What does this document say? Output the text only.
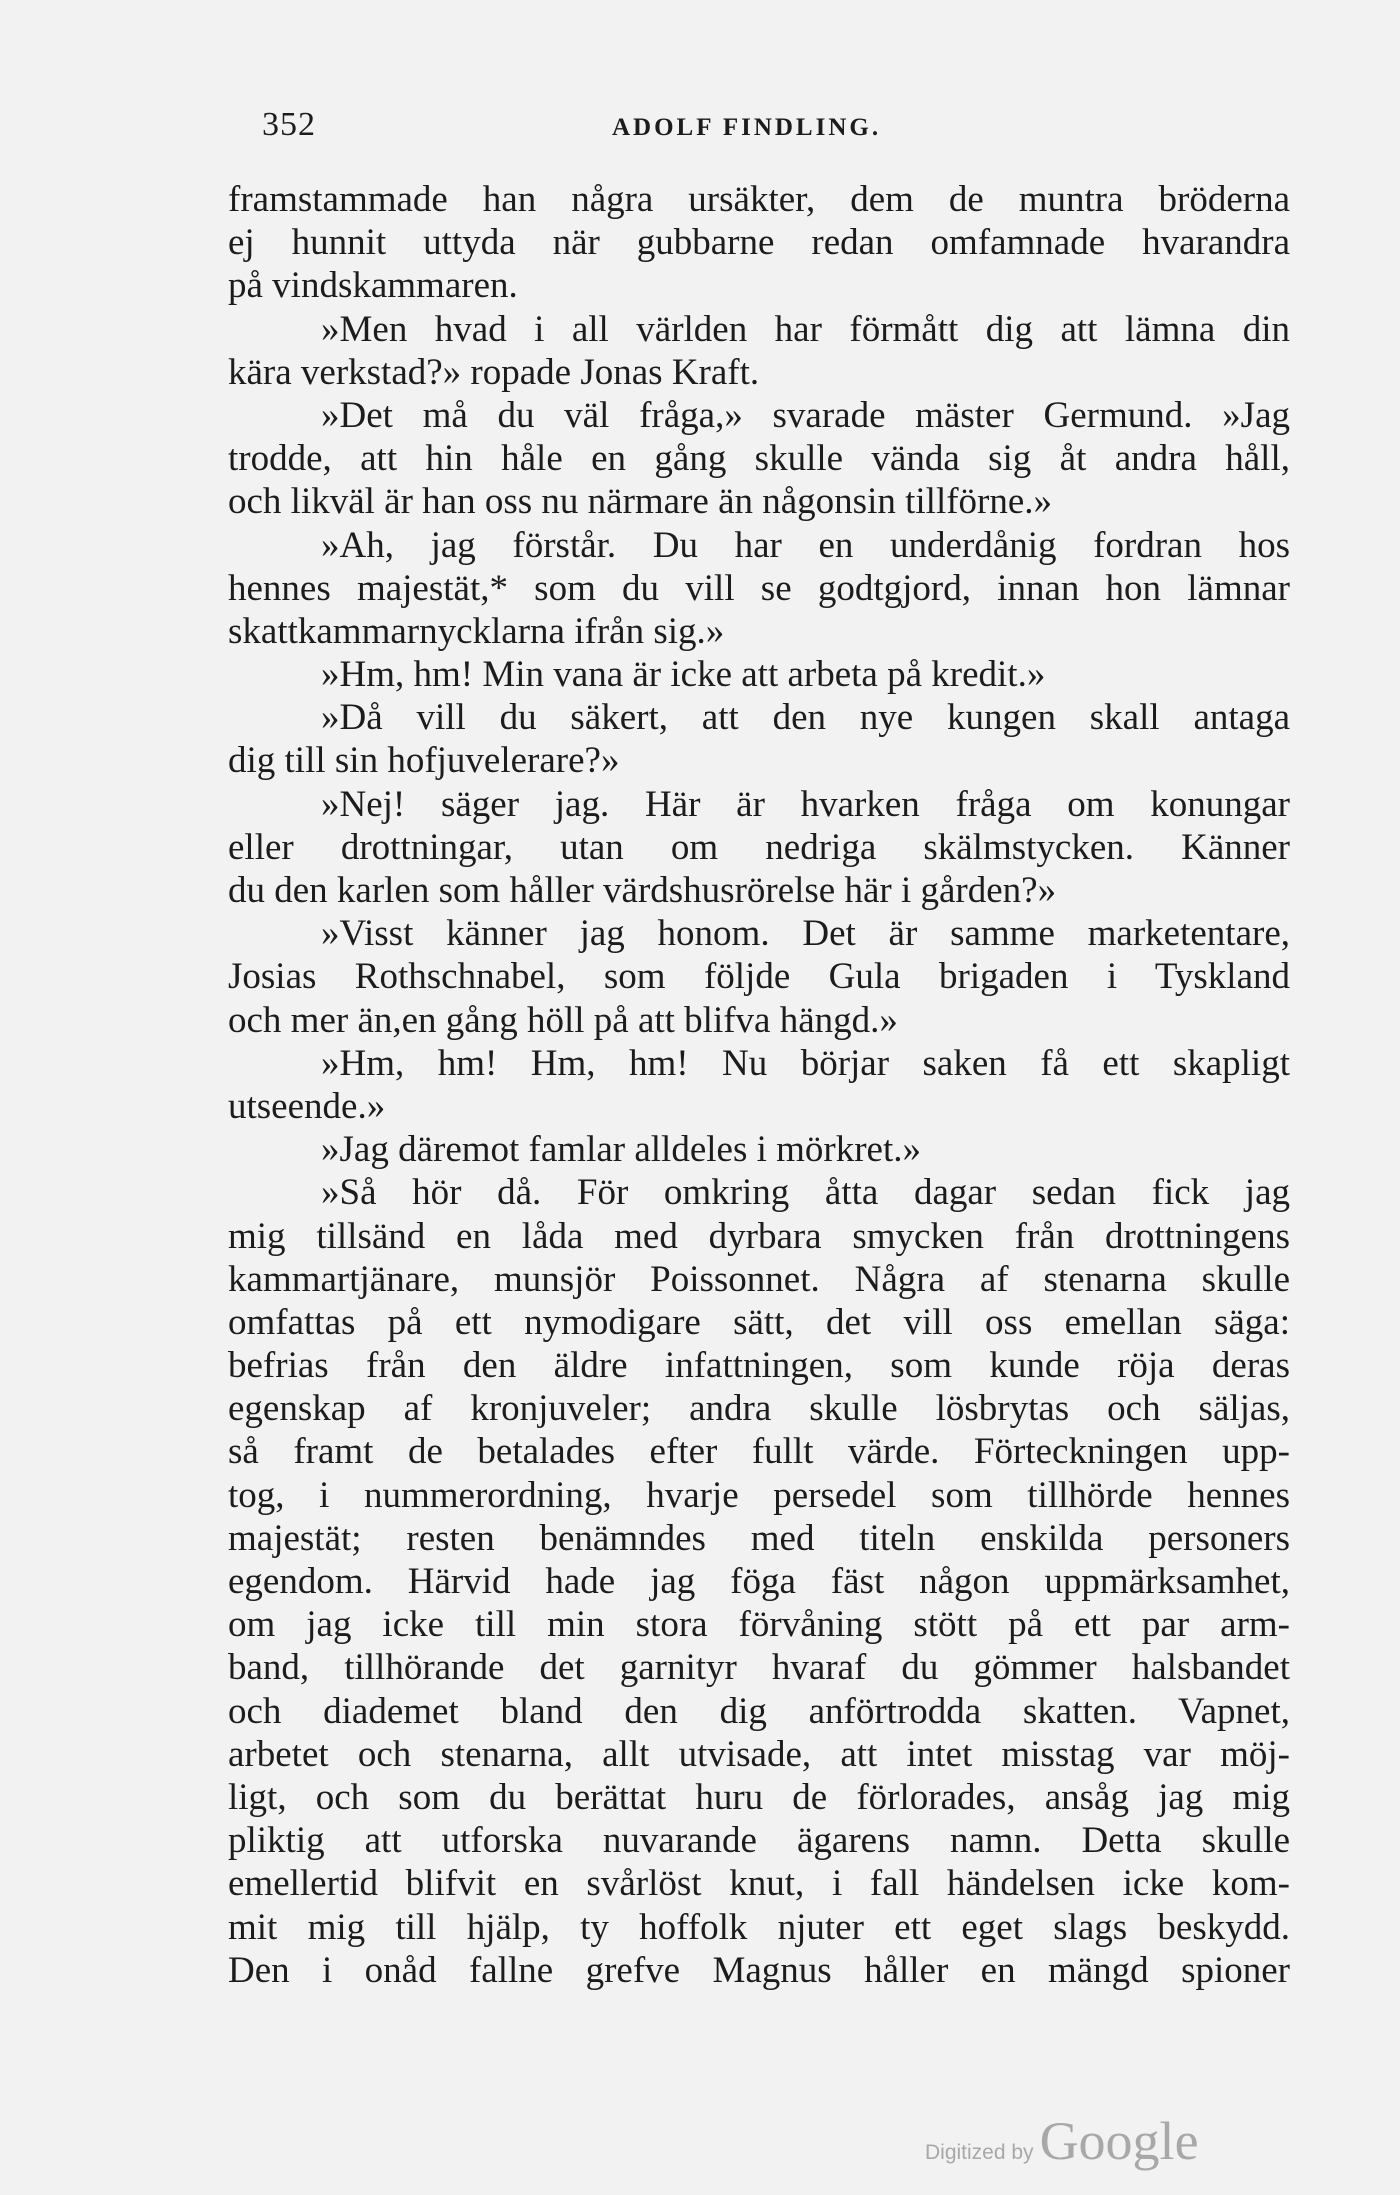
352	ADOLF FINDLING.
framstammade han några ursäkter, dem de muntra bröderna
ej hunnit uttyda när gubbarne redan omfamnade hvarandra
på vindskammaren.
»Men hvad i all världen har förmått dig att lämna din
kära verkstad?» ropade Jonas Kraft.
»Det må du väl fråga,» svarade mäster Germund. »Jag
trodde, att hin håle en gång skulle vända sig åt andra håll,
och likväl är han oss nu närmare än någonsin tillförne.»
»Ah, jag förstår. Du har en underdånig fordran hos
hennes majestät,* som du vill se godtgjord, innan hon lämnar
skattkammarnycklarna ifrån sig.»
»Hm, hm! Min vana är icke att arbeta på kredit.»
»Då vill du säkert, att den nye kungen skall antaga
dig till sin hofjuvelerare?»
»Nej! säger jag. Här är hvarken fråga om konungar
eller drottningar, utan om nedriga skälmstycken. Känner
du den karlen som håller värdshusrörelse här i gården?»
»Visst känner jag honom. Det är samme marketentare,
Josias Rothschnabel, som följde Gula brigaden i Tyskland
och mer än,en gång höll på att blifva hängd.»
»Hm, hm! Hm, hm! Nu börjar saken få ett skapligt
utseende.»
»Jag däremot famlar alldeles i mörkret.»
»Så hör då. För omkring åtta dagar sedan fick jag
mig tillsänd en låda med dyrbara smycken från drottningens
kammartjänare, munsjör Poissonnet. Några af stenarna skulle
omfattas på ett nymodigare sätt, det vill oss emellan säga:
befrias från den äldre infattningen, som kunde röja deras
egenskap af kronjuveler; andra skulle lösbrytas och säljas,
så framt de betalades efter fullt värde. Förteckningen upp-
tog, i nummerordning, hvarje persedel som tillhörde hennes
majestät; resten benämndes med titeln enskilda personers
egendom. Härvid hade jag föga fäst någon uppmärksamhet,
om jag icke till min stora förvåning stött på ett par arm-
band, tillhörande det garnityr hvaraf du gömmer halsbandet
och diademet bland den dig anförtrodda skatten. Vapnet,
arbetet och stenarna, allt utvisade, att intet misstag var möj-
ligt, och som du berättat huru de förlorades, ansåg jag mig
pliktig att utforska nuvarande ägarens namn. Detta skulle
emellertid blifvit en svårlöst knut, i fall händelsen icke kom-
mit mig till hjälp, ty hoffolk njuter ett eget slags beskydd.
Den i onåd fallne grefve Magnus håller en mängd spioner
Digitized by Google
